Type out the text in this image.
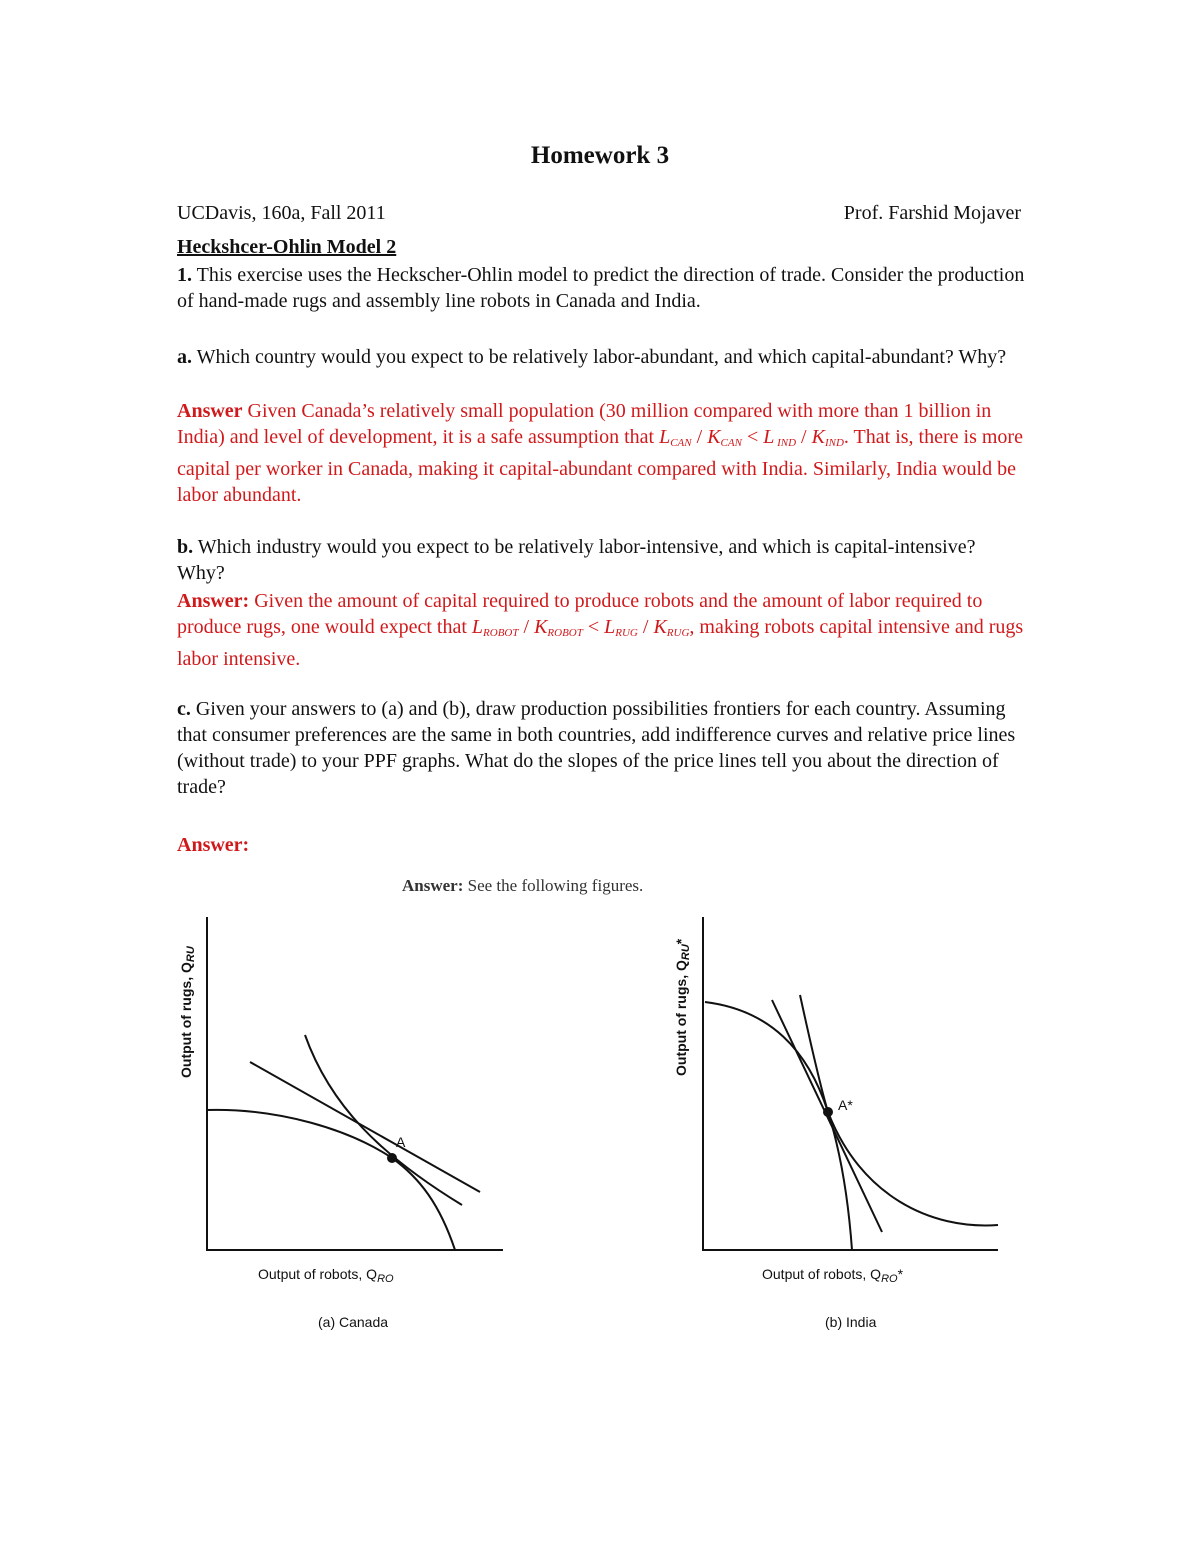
Homework 3
UCDavis, 160a, Fall 2011	Prof. Farshid Mojaver
Heckshcer-Ohlin Model 2
1. This exercise uses the Heckscher-Ohlin model to predict the direction of trade. Consider the production of hand-made rugs and assembly line robots in Canada and India.
a. Which country would you expect to be relatively labor-abundant, and which capital-abundant? Why?
Answer Given Canada’s relatively small population (30 million compared with more than 1 billion in India) and level of development, it is a safe assumption that $L_{CAN} / K_{CAN} < L$ $_{IND} / K_{IND}$. That is, there is more capital per worker in Canada, making it capital-abundant compared with India. Similarly, India would be labor abundant.
b. Which industry would you expect to be relatively labor-intensive, and which is capital-intensive? Why?
Answer: Given the amount of capital required to produce robots and the amount of labor required to produce rugs, one would expect that $L_{ROBOT} / K_{ROBOT} < L_{RUG} / K_{RUG}$, making robots capital intensive and rugs labor intensive.
c. Given your answers to (a) and (b), draw production possibilities frontiers for each country. Assuming that consumer preferences are the same in both countries, add indifference curves and relative price lines (without trade) to your PPF graphs. What do the slopes of the price lines tell you about the direction of trade?
Answer:
Answer: See the following figures.
Output of rugs, $Q_{RU}$
A
Output of robots, $Q_{RO}$
(a) Canada
Output of rugs, $Q_{RU}*$
A*
Output of robots, $Q_{RO}*$
(b) India
